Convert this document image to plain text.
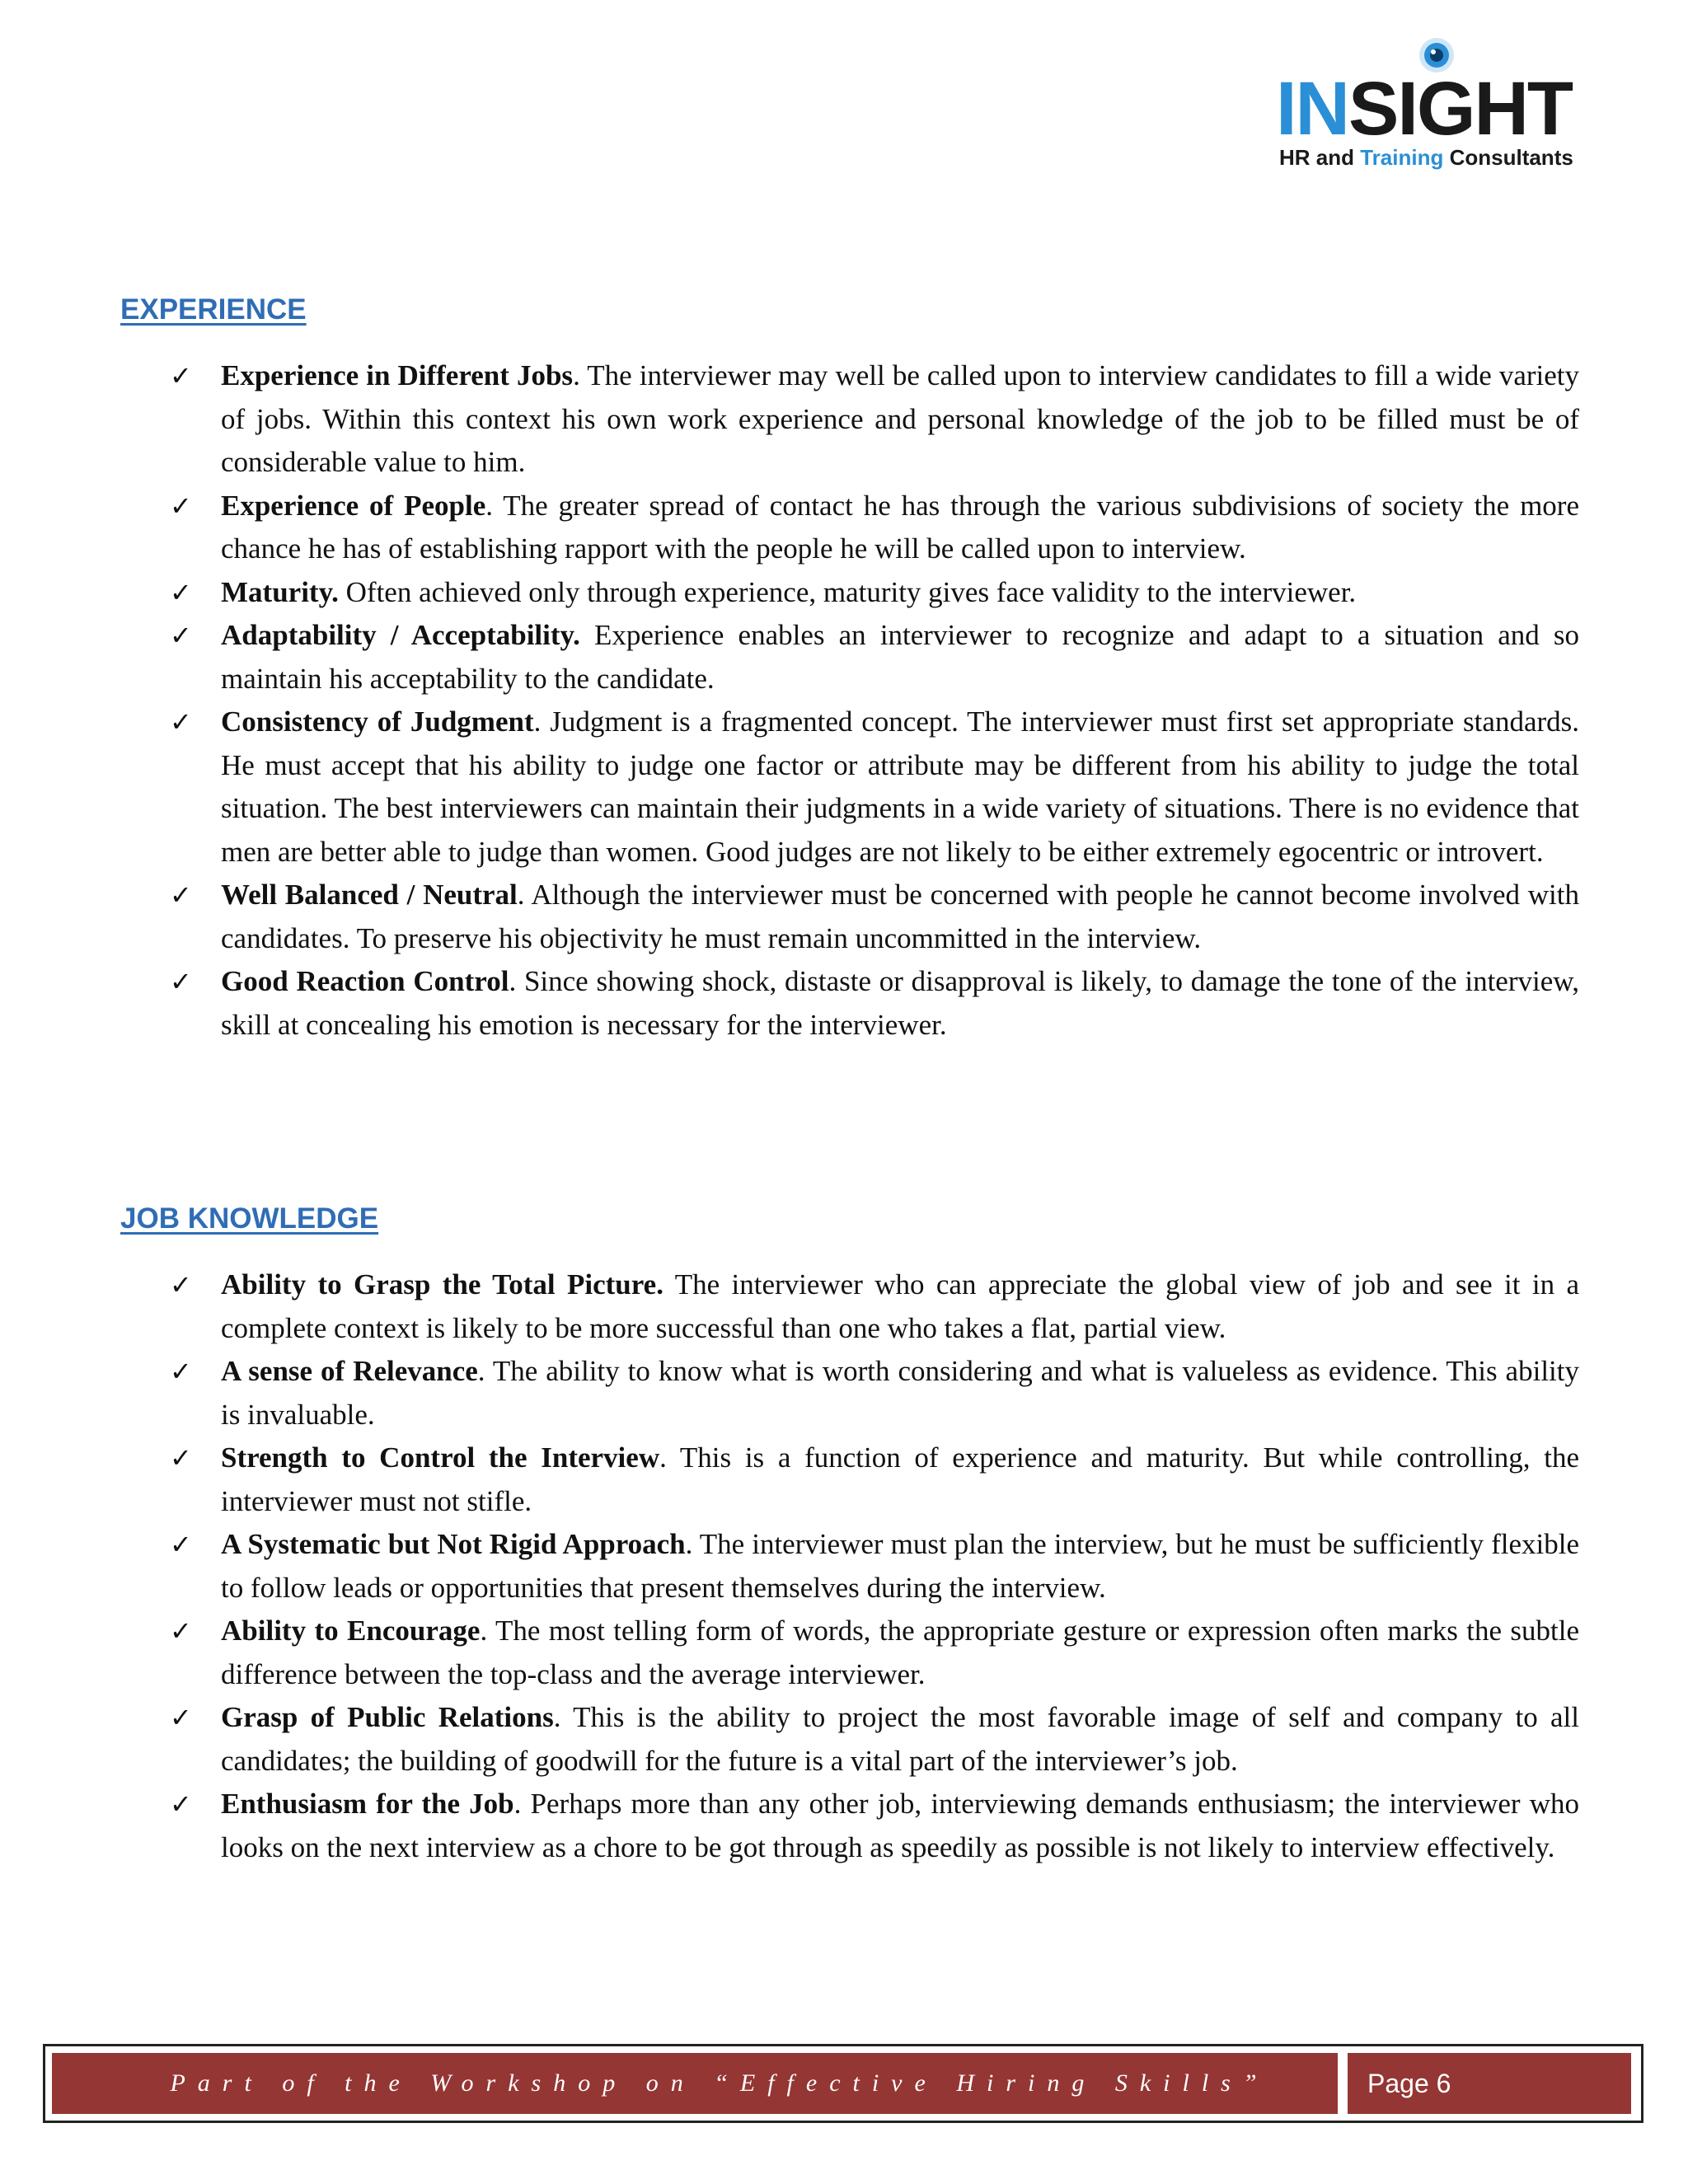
INSIGHT
HR and Training Consultants
EXPERIENCE
✓ Experience in Different Jobs. The interviewer may well be called upon to interview candidates to fill a wide variety of jobs. Within this context his own work experience and personal knowledge of the job to be filled must be of considerable value to him.
✓ Experience of People. The greater spread of contact he has through the various subdivisions of society the more chance he has of establishing rapport with the people he will be called upon to interview.
✓ Maturity. Often achieved only through experience, maturity gives face validity to the interviewer.
✓ Adaptability / Acceptability. Experience enables an interviewer to recognize and adapt to a situation and so maintain his acceptability to the candidate.
✓ Consistency of Judgment. Judgment is a fragmented concept. The interviewer must first set appropriate standards. He must accept that his ability to judge one factor or attribute may be different from his ability to judge the total situation. The best interviewers can maintain their judgments in a wide variety of situations. There is no evidence that men are better able to judge than women. Good judges are not likely to be either extremely egocentric or introvert.
✓ Well Balanced / Neutral. Although the interviewer must be concerned with people he cannot become involved with candidates. To preserve his objectivity he must remain uncommitted in the interview.
✓ Good Reaction Control. Since showing shock, distaste or disapproval is likely, to damage the tone of the interview, skill at concealing his emotion is necessary for the interviewer.
JOB KNOWLEDGE
✓ Ability to Grasp the Total Picture. The interviewer who can appreciate the global view of job and see it in a complete context is likely to be more successful than one who takes a flat, partial view.
✓ A sense of Relevance. The ability to know what is worth considering and what is valueless as evidence. This ability is invaluable.
✓ Strength to Control the Interview. This is a function of experience and maturity. But while controlling, the interviewer must not stifle.
✓ A Systematic but Not Rigid Approach. The interviewer must plan the interview, but he must be sufficiently flexible to follow leads or opportunities that present themselves during the interview.
✓ Ability to Encourage. The most telling form of words, the appropriate gesture or expression often marks the subtle difference between the top-class and the average interviewer.
✓ Grasp of Public Relations. This is the ability to project the most favorable image of self and company to all candidates; the building of goodwill for the future is a vital part of the interviewer’s job.
✓ Enthusiasm for the Job. Perhaps more than any other job, interviewing demands enthusiasm; the interviewer who looks on the next interview as a chore to be got through as speedily as possible is not likely to interview effectively.
Part of the Workshop on “Effective Hiring Skills”	Page 6
